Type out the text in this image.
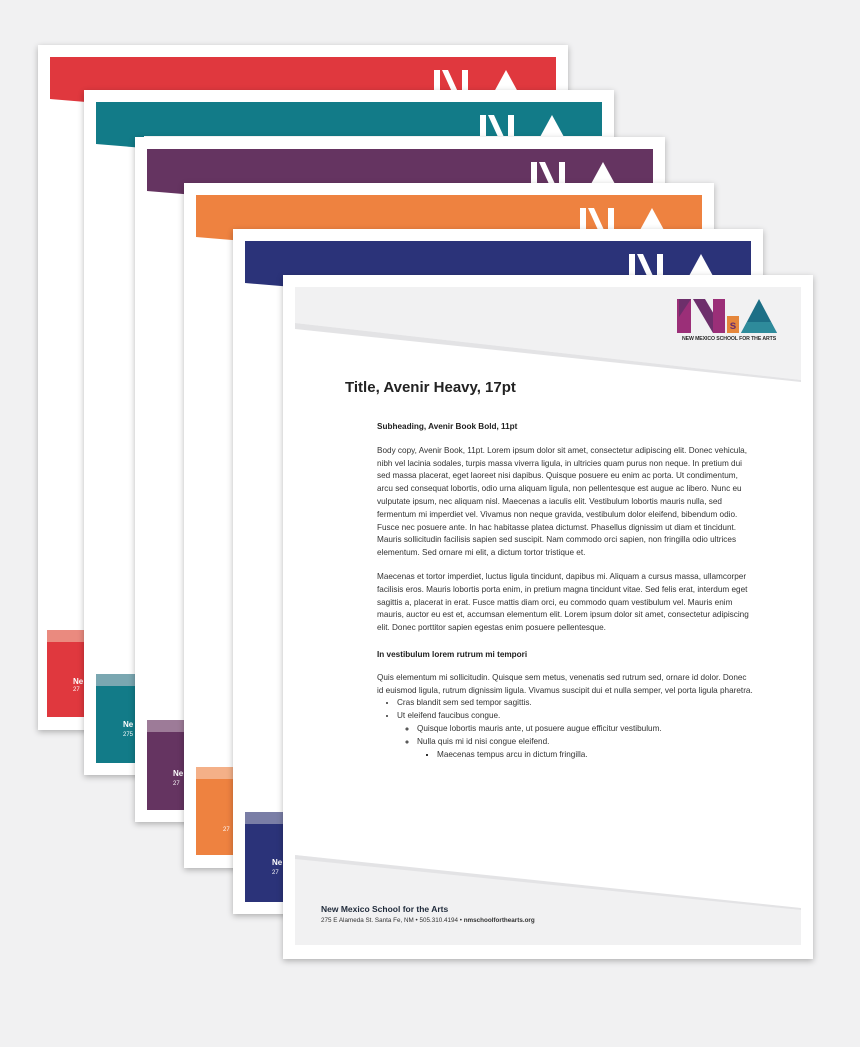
Ne
27
Ne
275
Ne
27
27
Ne
27
s
NEW MEXICO SCHOOL FOR THE ARTS
Title, Avenir Heavy, 17pt
Subheading, Avenir Book Bold, 11pt

Body copy, Avenir Book, 11pt. Lorem ipsum dolor sit amet, consectetur adipiscing elit. Donec vehicula, nibh vel lacinia sodales, turpis massa viverra ligula, in ultricies quam purus non neque. In pretium dui sed massa placerat, eget laoreet nisi dapibus. Quisque posuere eu enim ac porta. Ut condimentum, arcu sed consequat lobortis, odio urna aliquam ligula, non pellentesque est augue ac libero. Nunc eu vulputate ipsum, nec aliquam nisl. Maecenas a iaculis elit. Vestibulum lobortis mauris nulla, sed fermentum mi imperdiet vel. Vivamus non neque gravida, vestibulum dolor eleifend, bibendum odio. Fusce nec posuere ante. In hac habitasse platea dictumst. Phasellus dignissim ut diam et tincidunt. Mauris sollicitudin facilisis sapien sed suscipit. Nam commodo orci sapien, non fringilla odio ultrices elementum. Sed ornare mi elit, a dictum tortor tristique et.

Maecenas et tortor imperdiet, luctus ligula tincidunt, dapibus mi. Aliquam a cursus massa, ullamcorper facilisis eros. Mauris lobortis porta enim, in pretium magna tincidunt vitae. Sed felis erat, interdum eget sagittis a, placerat in erat. Fusce mattis diam orci, eu commodo quam vestibulum vel. Mauris enim mauris, auctor eu est et, accumsan elementum elit. Lorem ipsum dolor sit amet, consectetur adipiscing elit. Donec porttitor sapien egestas enim posuere pellentesque.

In vestibulum lorem rutrum mi tempori
Quis elementum mi sollicitudin. Quisque sem metus, venenatis sed rutrum sed, ornare id dolor. Donec id euismod ligula, rutrum dignissim ligula. Vivamus suscipit dui et nulla semper, vel porta ligula pharetra.
• Cras blandit sem sed tempor sagittis.
• Ut eleifend faucibus congue.
◦ Quisque lobortis mauris ante, ut posuere augue efficitur vestibulum.
◦ Nulla quis mi id nisi congue eleifend.
▪ Maecenas tempus arcu in dictum fringilla.
New Mexico School for the Arts
275 E Alameda St. Santa Fe, NM • 505.310.4194 • nmschoolforthearts.org
